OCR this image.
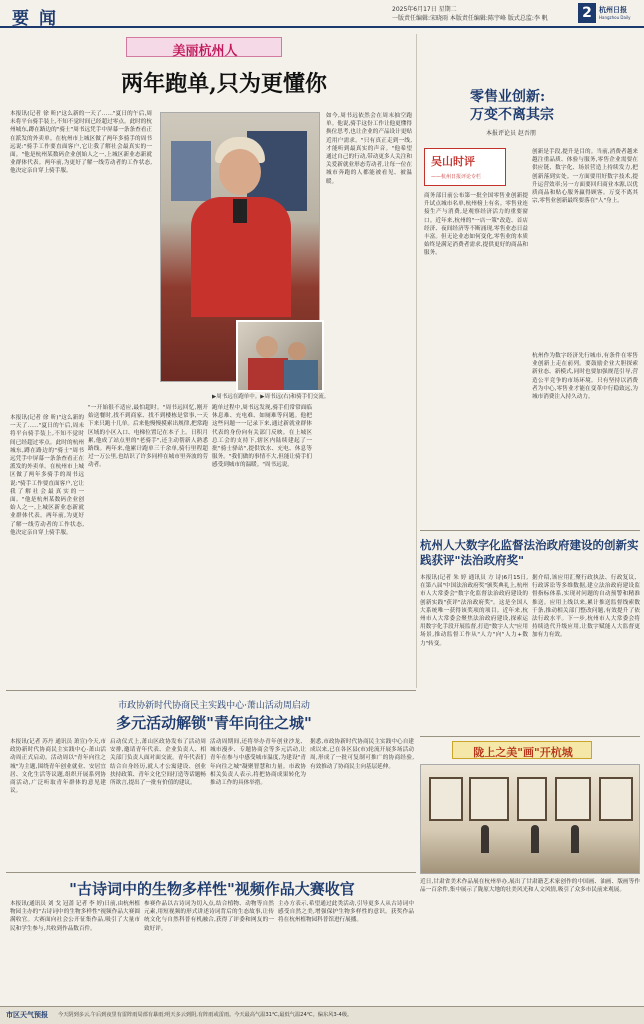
要闻	2025年6月17日 星期二
一版责任编辑:宋晓雨 本版责任编辑:陈宇峰 版式总监:李 帆 2	杭州日报
Hangzhou Daily
美丽杭州人
两年跑单,只为更懂你
本报讯(记者 徐 昕)"这么新的一天了……"夏日的午后,周未将平台骑手装上,不知不觉时间已经超过零点。此时的杭州城东,蹲在路边的"骑士"周书远凭手中屏幕一条条查看正在派发的外卖单。在杭州市上城区做了两年多骑手的周书远说:"骑手工作要直面客户,它让我了解社会最真实的一面。"他是杭州某数码企业创始人之一,上城区新业态新就业群体代表。两年前,为更好了解一线劳动者的工作状态,他决定亲自穿上骑手服。
▶周书远在跑单中。▶周书远(右)和骑手们交流。
"一开始很不适应,最怕超时。"周书远回忆,刚开始送餐时,找不到商家、找不到楼栋是常事,一天下来只跑十几单。后来他慢慢摸索出规律,把常跑区域的小区入口、电梯位置记在本子上。日积月累,他成了站点里的"老骑手",还主动帮新人熟悉路线。两年来,他累计跑单三千余单,骑行里程超过一万公里,也结识了许多同样在城市里奔波的劳动者。
跑单过程中,周书远发现,骑手们常常面临休息难、充电难、如厕难等问题。他把这些问题一一记录下来,通过新就业群体代表的身份向有关部门反映。在上城区总工会的支持下,辖区内陆续建起了一批"骑士驿站",提供饮水、充电、休息等服务。"我们做的事情不大,但能让骑手们感受到城市的温暖。"周书远说。
如今,周书远依然会在周末抽空跑单。他说,骑手这份工作让他更懂得换位思考,也让企业的产品设计更贴近用户需求。"只有真正走到一线,才能听到最真实的声音。"他希望通过自己的行动,带动更多人关注和关爱新就业形态劳动者,让每一位在城市奔跑的人都能被看见、被温暖。
本报讯(记者 徐 昕)"这么新的一天了……"夏日的午后,周未将平台骑手装上,不知不觉时间已经超过零点。此时的杭州城东,蹲在路边的"骑士"周书远凭手中屏幕一条条查看正在派发的外卖单。在杭州市上城区做了两年多骑手的周书远说:"骑手工作要直面客户,它让我了解社会最真实的一面。"他是杭州某数码企业创始人之一,上城区新业态新就业群体代表。两年前,为更好了解一线劳动者的工作状态,他决定亲自穿上骑手服。
零售业创新:
万变不离其宗
本报评论员 赵吾朋
吴山时评
——杭州日报评论专栏
商务部日前公布第一批全国零售业创新提升试点城市名单,杭州榜上有名。零售业连接生产与消费,是观察经济活力的重要窗口。近年来,杭州的"一店一策"改造、首店经济、夜间经济等不断涌现,零售业态日益丰富。但无论业态如何变化,零售业的本质始终是满足消费者需求,提供更好的商品和服务。
创新是手段,提升是目的。当前,消费者越来越注重品质、体验与服务,零售企业需要在供应链、数字化、场景营造上持续发力,把创新落到实处。一方面要用好数字技术,提升运营效率;另一方面要回归商业本源,以优质商品和贴心服务赢得顾客。万变不离其宗,零售业创新最终要落在"人"身上。
杭州作为数字经济先行城市,有条件在零售业创新上走在前列。要鼓励企业大胆探索新业态、新模式,同时也要加强规范引导,营造公平竞争的市场环境。只有坚持以消费者为中心,零售业才能在变革中行稳致远,为城市消费注入持久动力。
杭州人大数字化监督法治政府建设的创新实践获评"法治政府奖"
本报讯(记者 朱 婷 通讯员 方 诗)6月15日,在第八届"中国法治政府奖"颁奖典礼上,杭州市人大常委会"数字化监督法治政府建设的创新实践"获评"法治政府奖"。这是全国人大系统唯一获得该奖项的项目。近年来,杭州市人大常委会聚焦法治政府建设,探索运用数字化手段开展监督,打造"数字人大"应用场景,推动监督工作从"人力"向"人力+数力"转变。
据介绍,该应用汇聚行政执法、行政复议、行政诉讼等多维数据,建立法治政府建设监督指标体系,实现对问题的自动预警和精准推送。应用上线以来,累计推送监督线索数千条,推动相关部门整改问题,有效提升了依法行政水平。下一步,杭州市人大常委会将持续迭代升级应用,让数字赋能人大监督更加有力有效。
市政协新时代协商民主实践中心·萧山活动周启动
多元活动解锁"青年向往之城"
本报讯(记者 苏丹 通讯员 萧宣)今天,市政协新时代协商民主实践中心·萧山活动周正式启动。活动周以"青年向往之城"为主题,围绕青年创业就业、安居宜居、文化生活等议题,组织开展系列协商活动,广泛听取青年群体的意见建议。
启动仪式上,萧山区政协发布了活动周安排,邀请青年代表、企业负责人、相关部门负责人面对面交流。青年代表们结合自身经历,就人才公寓建设、创业扶持政策、青年文化空间打造等话题畅所欲言,提出了一批有价值的建议。
活动周期间,还将举办青年创业沙龙、城市漫步、专题协商会等多元活动,让青年在参与中感受城市温度,为建设"青年向往之城"凝聚智慧和力量。市政协相关负责人表示,将把协商成果转化为推动工作的具体举措。
据悉,市政协新时代协商民主实践中心自建成以来,已在各区县(市)轮流开展多场活动周,形成了一批可复制可推广的协商经验,有效推动了协商民主向基层延伸。
陇上之美"画"开杭城
近日,甘肃省美术作品展在杭州举办,展出了甘肃籍艺术家创作的中国画、油画、版画等作品一百余件,集中展示了陇原大地的壮美风光和人文风情,吸引了众多市民前来观展。
"古诗词中的生物多样性"视频作品大赛收官
本报讯(通讯员 刘 戈 冠蔷 记者 李 婷)日前,由杭州植物园主办的"古诗词中的生物多样性"视频作品大赛圆满收官。大赛面向社会公开征集作品,吸引了大量市民和学生参与,共收到作品数百件。
参赛作品以古诗词为切入点,结合植物、动物等自然元素,用短视频的形式讲述诗词背后的生态故事,让传统文化与自然科普有机融合,获得了评委和网友的一致好评。
主办方表示,希望通过此类活动,引导更多人从古诗词中感受自然之美,增强保护生物多样性的意识。获奖作品将在杭州植物园科普馆进行展播。
市区天气预报 今天阴到多云,午后到夜里有雷阵雨局部有暴雨;明天多云到阴,有阵雨或雷雨。今天最高气温31℃,最低气温24℃。偏东风3-4级。
